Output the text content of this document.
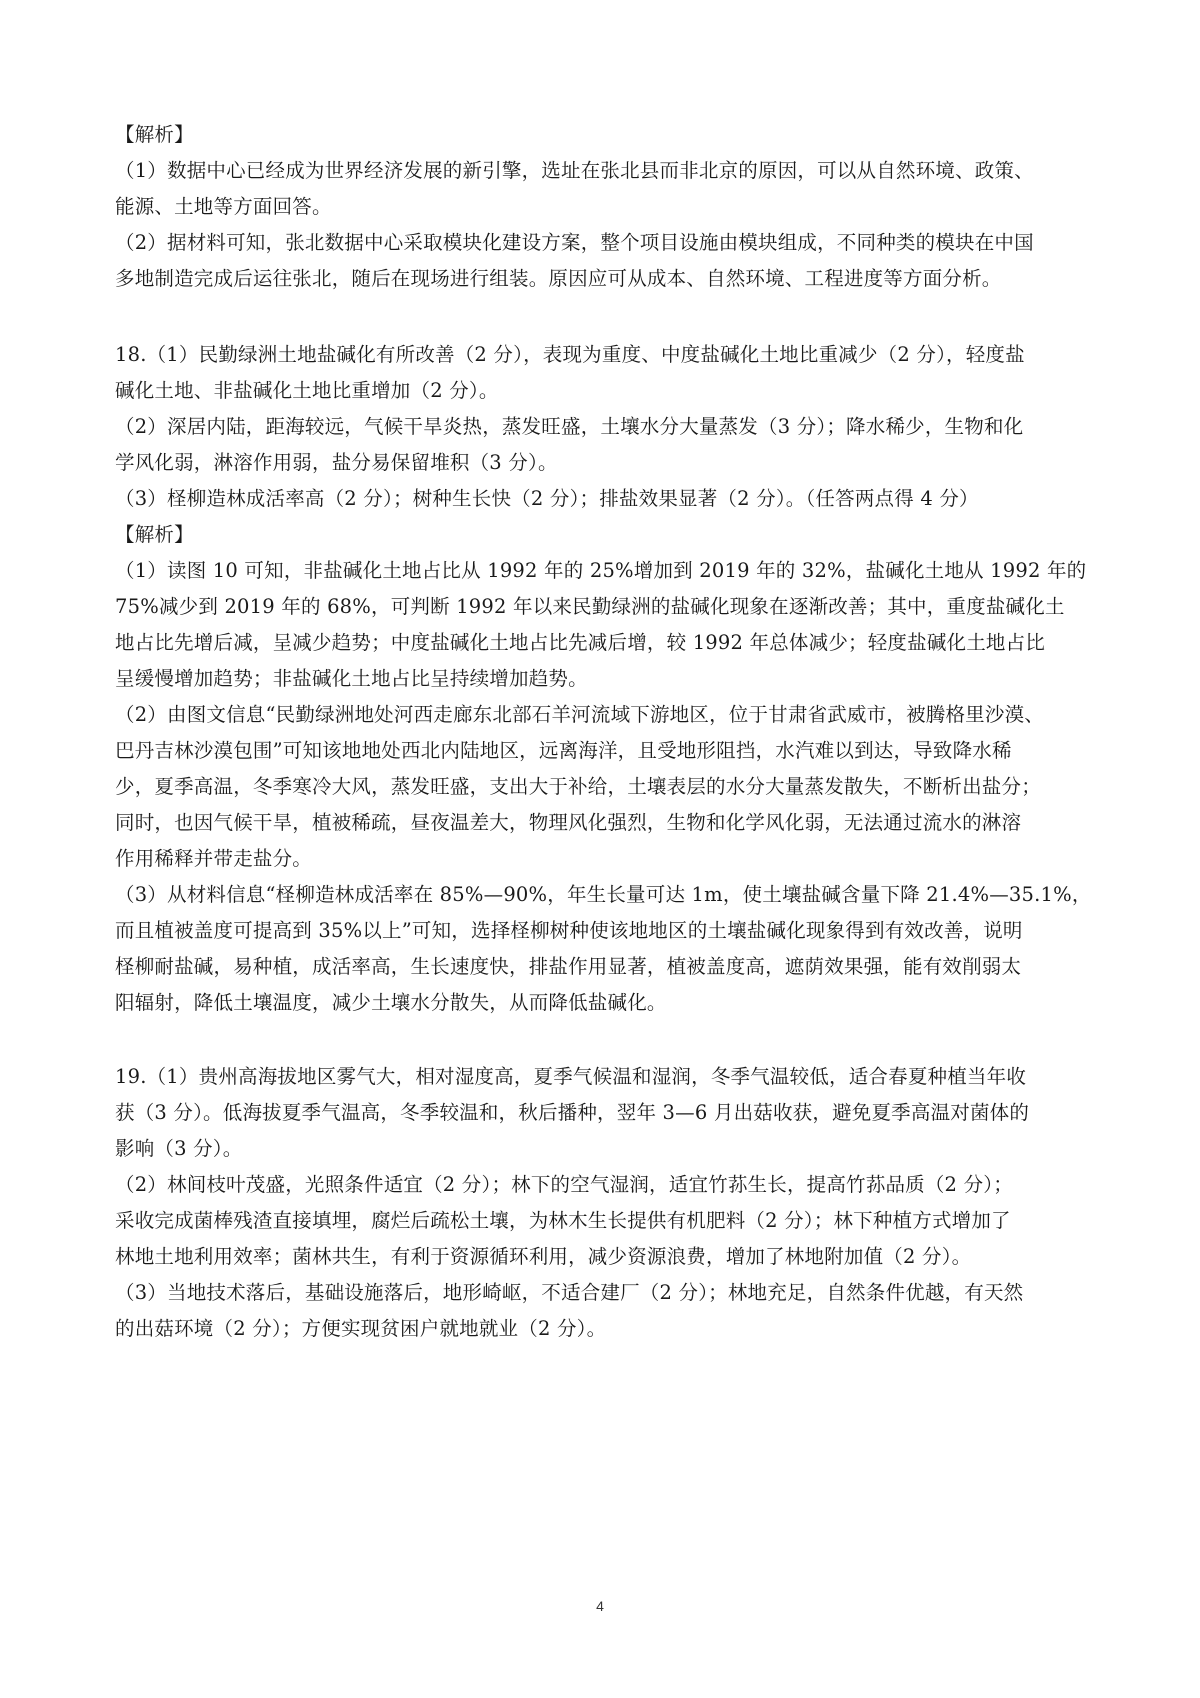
【解析】
（1）数据中心已经成为世界经济发展的新引擎，选址在张北县而非北京的原因，可以从自然环境、政策、
能源、土地等方面回答。
（2）据材料可知，张北数据中心采取模块化建设方案，整个项目设施由模块组成，不同种类的模块在中国
多地制造完成后运往张北，随后在现场进行组装。原因应可从成本、自然环境、工程进度等方面分析。
18.（1）民勤绿洲土地盐碱化有所改善（2 分），表现为重度、中度盐碱化土地比重减少（2 分），轻度盐
碱化土地、非盐碱化土地比重增加（2 分）。
（2）深居内陆，距海较远，气候干旱炎热，蒸发旺盛，土壤水分大量蒸发（3 分）；降水稀少，生物和化
学风化弱，淋溶作用弱，盐分易保留堆积（3 分）。
（3）柽柳造林成活率高（2 分）；树种生长快（2 分）；排盐效果显著（2 分）。（任答两点得 4 分）
【解析】
（1）读图 10 可知，非盐碱化土地占比从 1992 年的 25%增加到 2019 年的 32%，盐碱化土地从 1992 年的
75%减少到 2019 年的 68%，可判断 1992 年以来民勤绿洲的盐碱化现象在逐渐改善；其中，重度盐碱化土
地占比先增后减，呈减少趋势；中度盐碱化土地占比先减后增，较 1992 年总体减少；轻度盐碱化土地占比
呈缓慢增加趋势；非盐碱化土地占比呈持续增加趋势。
（2）由图文信息“民勤绿洲地处河西走廊东北部石羊河流域下游地区，位于甘肃省武威市，被腾格里沙漠、
巴丹吉林沙漠包围”可知该地地处西北内陆地区，远离海洋，且受地形阻挡，水汽难以到达，导致降水稀
少，夏季高温，冬季寒冷大风，蒸发旺盛，支出大于补给，土壤表层的水分大量蒸发散失，不断析出盐分；
同时，也因气候干旱，植被稀疏，昼夜温差大，物理风化强烈，生物和化学风化弱，无法通过流水的淋溶
作用稀释并带走盐分。
（3）从材料信息“柽柳造林成活率在 85%—90%，年生长量可达 1m，使土壤盐碱含量下降 21.4%—35.1%，
而且植被盖度可提高到 35%以上”可知，选择柽柳树种使该地地区的土壤盐碱化现象得到有效改善，说明
柽柳耐盐碱，易种植，成活率高，生长速度快，排盐作用显著，植被盖度高，遮荫效果强，能有效削弱太
阳辐射，降低土壤温度，减少土壤水分散失，从而降低盐碱化。
19.（1）贵州高海拔地区雾气大，相对湿度高，夏季气候温和湿润，冬季气温较低，适合春夏种植当年收
获（3 分）。低海拔夏季气温高，冬季较温和，秋后播种，翌年 3—6 月出菇收获，避免夏季高温对菌体的
影响（3 分）。
（2）林间枝叶茂盛，光照条件适宜（2 分）；林下的空气湿润，适宜竹荪生长，提高竹荪品质（2 分）；
采收完成菌棒残渣直接填埋，腐烂后疏松土壤，为林木生长提供有机肥料（2 分）；林下种植方式增加了
林地土地利用效率；菌林共生，有利于资源循环利用，减少资源浪费，增加了林地附加值（2 分）。
（3）当地技术落后，基础设施落后，地形崎岖，不适合建厂（2 分）；林地充足，自然条件优越，有天然
的出菇环境（2 分）；方便实现贫困户就地就业（2 分）。
4
